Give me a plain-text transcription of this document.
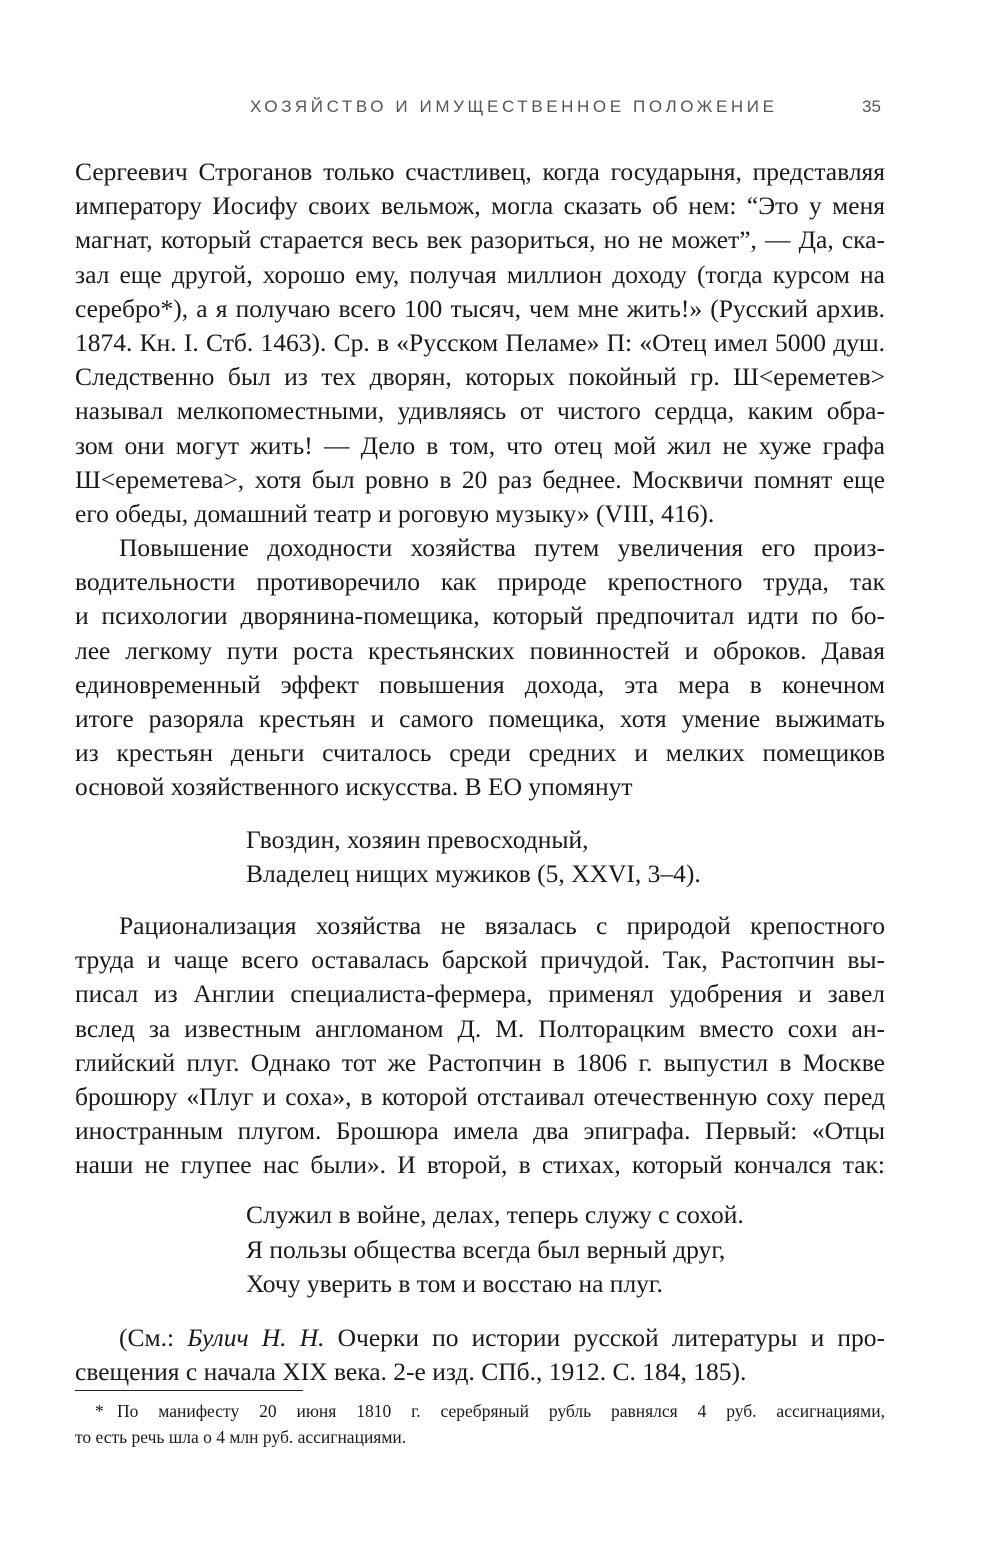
ХОЗЯЙСТВО И ИМУЩЕСТВЕННОЕ ПОЛОЖЕНИЕ	35
Сергеевич Строганов только счастливец, когда государыня, представляя
императору Иосифу своих вельмож, могла сказать об нем: “Это у меня
магнат, который старается весь век разориться, но не может”, — Да, ска-
зал еще другой, хорошо ему, получая миллион доходу (тогда курсом на
серебро*), а я получаю всего 100 тысяч, чем мне жить!» (Русский архив.
1874. Кн. I. Стб. 1463). Ср. в «Русском Пеламе» П: «Отец имел 5000 душ.
Следственно был из тех дворян, которых покойный гр. Ш<ереметев>
называл мелкопоместными, удивляясь от чистого сердца, каким обра-
зом они могут жить! — Дело в том, что отец мой жил не хуже графа
Ш<ереметева>, хотя был ровно в 20 раз беднее. Москвичи помнят еще
его обеды, домашний театр и роговую музыку» (VIII, 416).
Повышение доходности хозяйства путем увеличения его произ-
водительности противоречило как природе крепостного труда, так
и психологии дворянина-помещика, который предпочитал идти по бо-
лее легкому пути роста крестьянских повинностей и оброков. Давая
единовременный эффект повышения дохода, эта мера в конечном
итоге разоряла крестьян и самого помещика, хотя умение выжимать
из крестьян деньги считалось среди средних и мелких помещиков
основой хозяйственного искусства. В ЕО упомянут
Гвоздин, хозяин превосходный,
Владелец нищих мужиков (5, XXVI, 3–4).
Рационализация хозяйства не вязалась с природой крепостного
труда и чаще всего оставалась барской причудой. Так, Растопчин вы-
писал из Англии специалиста-фермера, применял удобрения и завел
вслед за известным англоманом Д. М. Полторацким вместо сохи ан-
глийский плуг. Однако тот же Растопчин в 1806 г. выпустил в Москве
брошюру «Плуг и соха», в которой отстаивал отечественную соху перед
иностранным плугом. Брошюра имела два эпиграфа. Первый: «Отцы
наши не глупее нас были». И второй, в стихах, который кончался так:
Служил в войне, делах, теперь служу с сохой.
Я пользы общества всегда был верный друг,
Хочу уверить в том и восстаю на плуг.
(См.: Булич Н. Н. Очерки по истории русской литературы и про-
свещения с начала XIX века. 2-е изд. СПб., 1912. С. 184, 185).
* По манифесту 20 июня 1810 г. серебряный рубль равнялся 4 руб. ассигнациями,
то есть речь шла о 4 млн руб. ассигнациями.
